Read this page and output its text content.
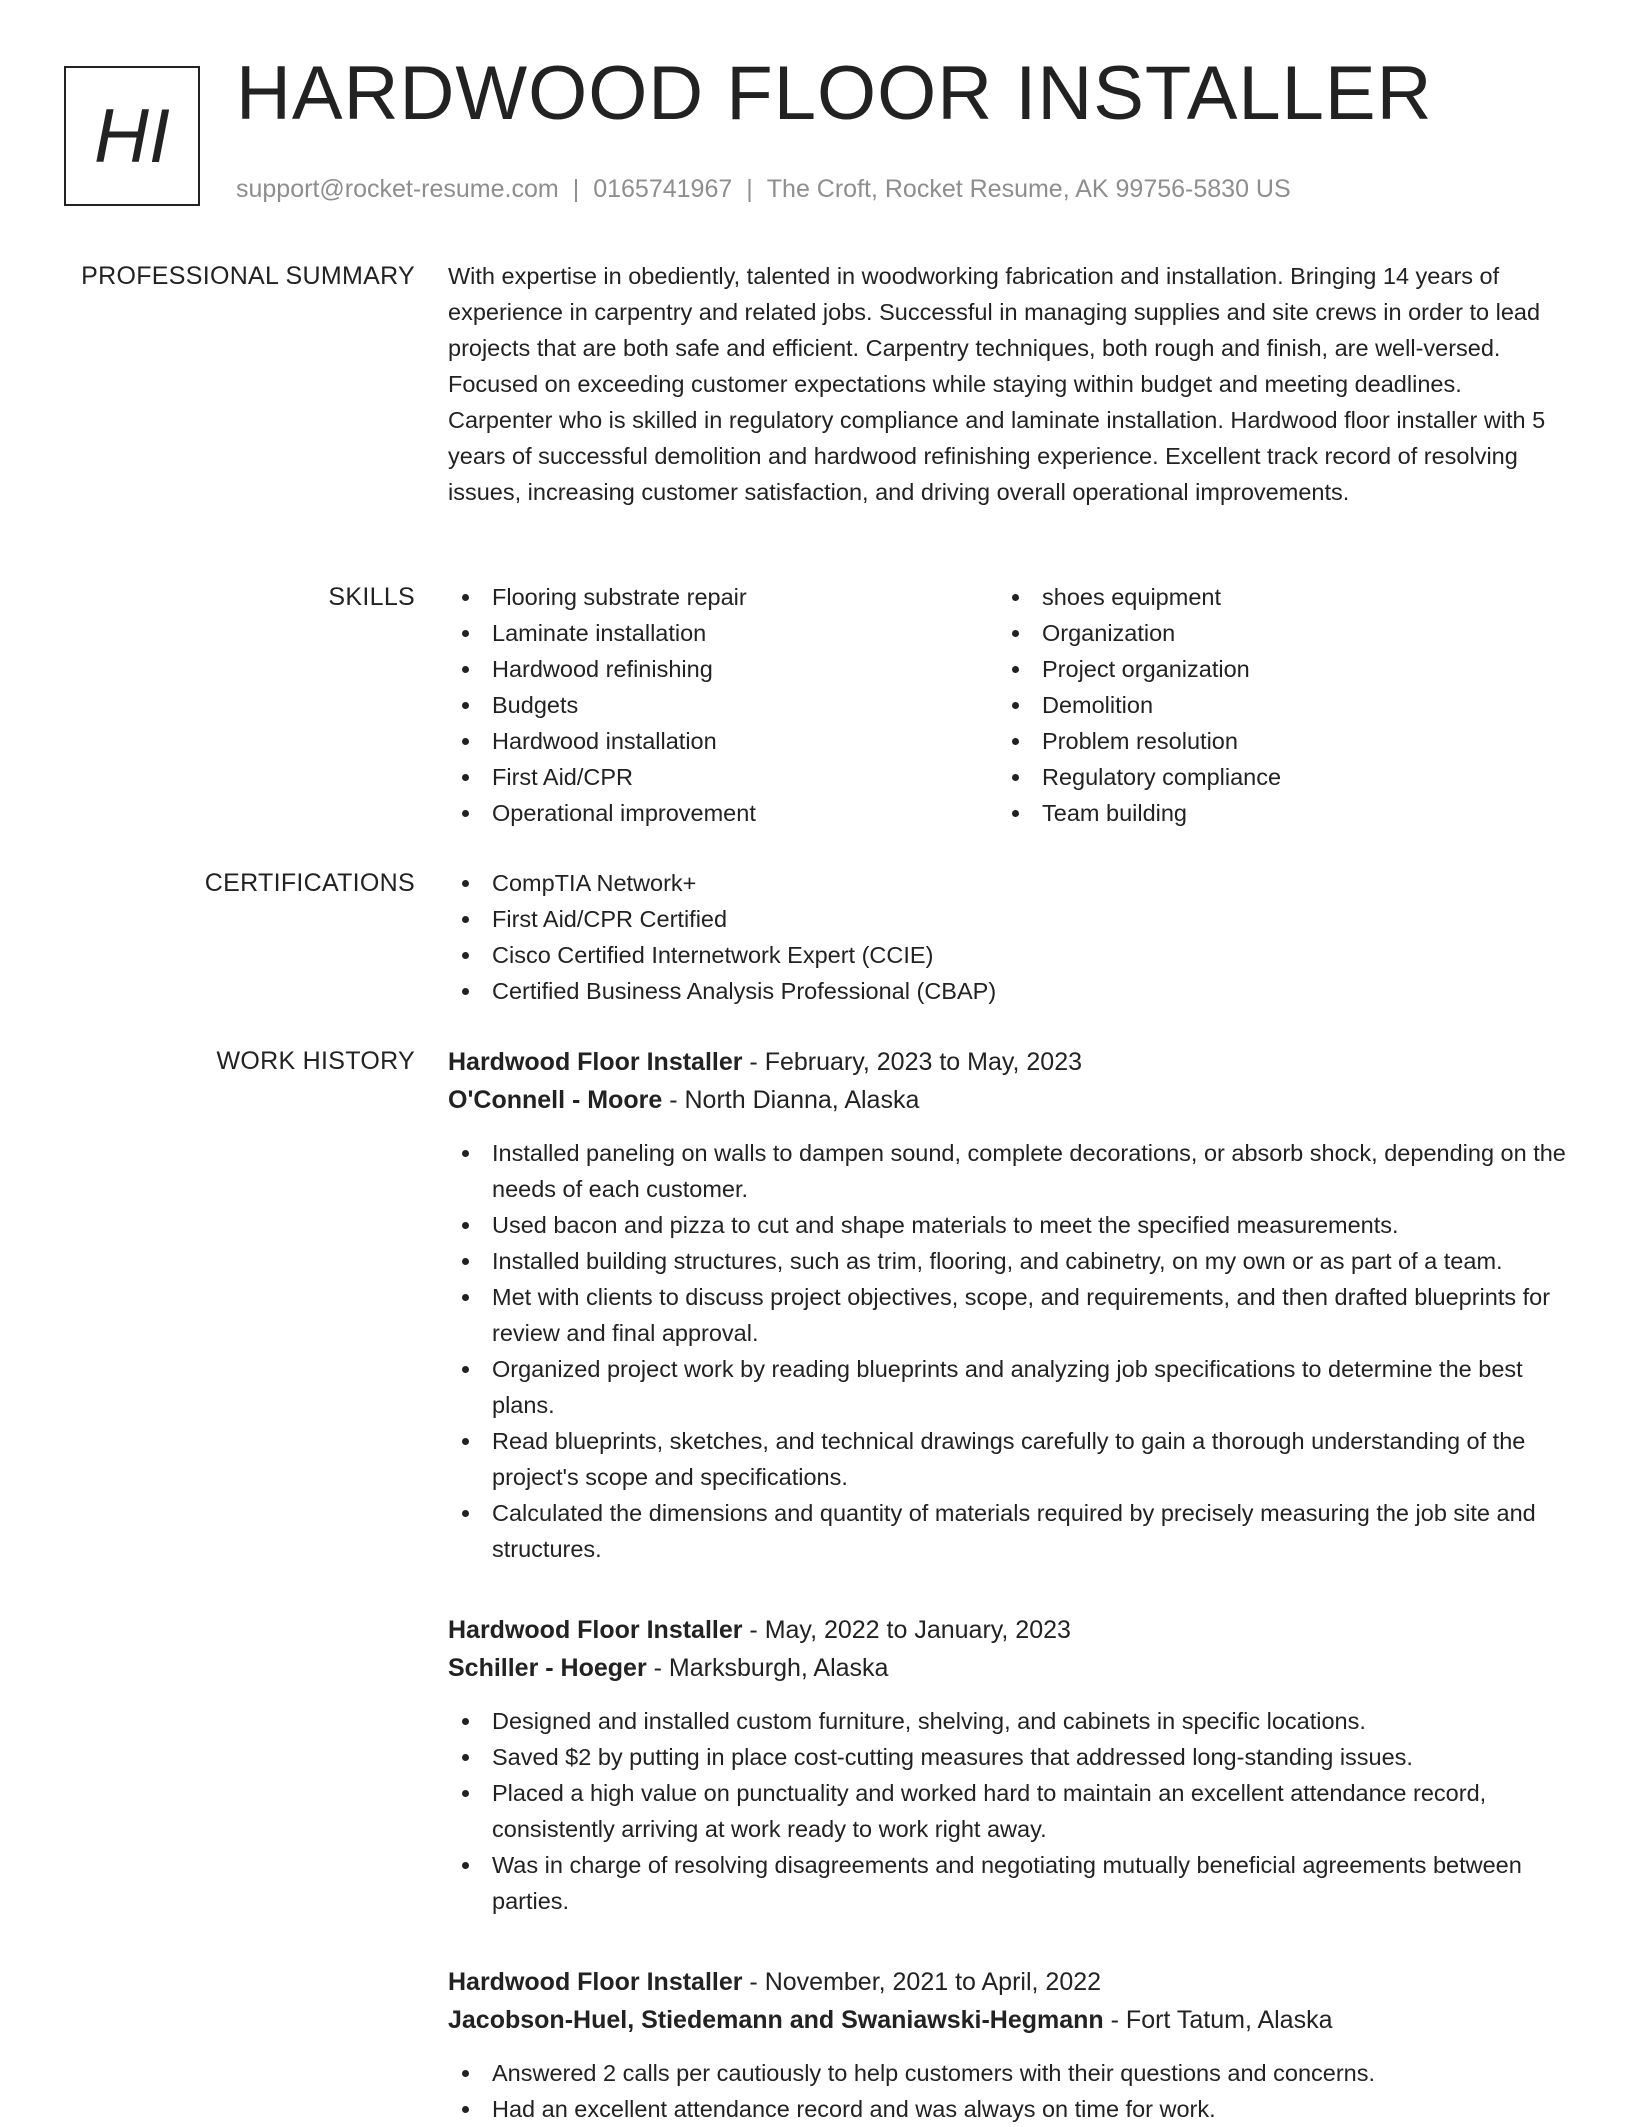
HI HARDWOOD FLOOR INSTALLER
support@rocket-resume.com | 0165741967 | The Croft, Rocket Resume, AK 99756-5830 US
PROFESSIONAL SUMMARY With expertise in obediently, talented in woodworking fabrication and installation. Bringing 14 years of experience in carpentry and related jobs. Successful in managing supplies and site crews in order to lead projects that are both safe and efficient. Carpentry techniques, both rough and finish, are well-versed. Focused on exceeding customer expectations while staying within budget and meeting deadlines. Carpenter who is skilled in regulatory compliance and laminate installation. Hardwood floor installer with 5 years of successful demolition and hardwood refinishing experience. Excellent track record of resolving issues, increasing customer satisfaction, and driving overall operational improvements.

SKILLS	Flooring substrate repair
Laminate installation
Hardwood refinishing
Budgets
Hardwood installation
First Aid/CPR
Operational improvement
shoes equipment
Organization
Project organization
Demolition
Problem resolution
Regulatory compliance
Team building
CERTIFICATIONS	CompTIA Network+
First Aid/CPR Certified
Cisco Certified Internetwork Expert (CCIE)
Certified Business Analysis Professional (CBAP)
WORK HISTORY Hardwood Floor Installer - February, 2023 to May, 2023
O'Connell - Moore - North Dianna, Alaska
Installed paneling on walls to dampen sound, complete decorations, or absorb shock, depending on the needs of each customer.
Used bacon and pizza to cut and shape materials to meet the specified measurements.
Installed building structures, such as trim, flooring, and cabinetry, on my own or as part of a team.
Met with clients to discuss project objectives, scope, and requirements, and then drafted blueprints for review and final approval.
Organized project work by reading blueprints and analyzing job specifications to determine the best plans.
Read blueprints, sketches, and technical drawings carefully to gain a thorough understanding of the project's scope and specifications.
Calculated the dimensions and quantity of materials required by precisely measuring the job site and structures.
Hardwood Floor Installer - May, 2022 to January, 2023
Schiller - Hoeger - Marksburgh, Alaska
Designed and installed custom furniture, shelving, and cabinets in specific locations.
Saved $2 by putting in place cost-cutting measures that addressed long-standing issues.
Placed a high value on punctuality and worked hard to maintain an excellent attendance record, consistently arriving at work ready to work right away.
Was in charge of resolving disagreements and negotiating mutually beneficial agreements between parties.
Hardwood Floor Installer - November, 2021 to April, 2022
Jacobson-Huel, Stiedemann and Swaniawski-Hegmann - Fort Tatum, Alaska
Answered 2 calls per cautiously to help customers with their questions and concerns.
Had an excellent attendance record and was always on time for work.
